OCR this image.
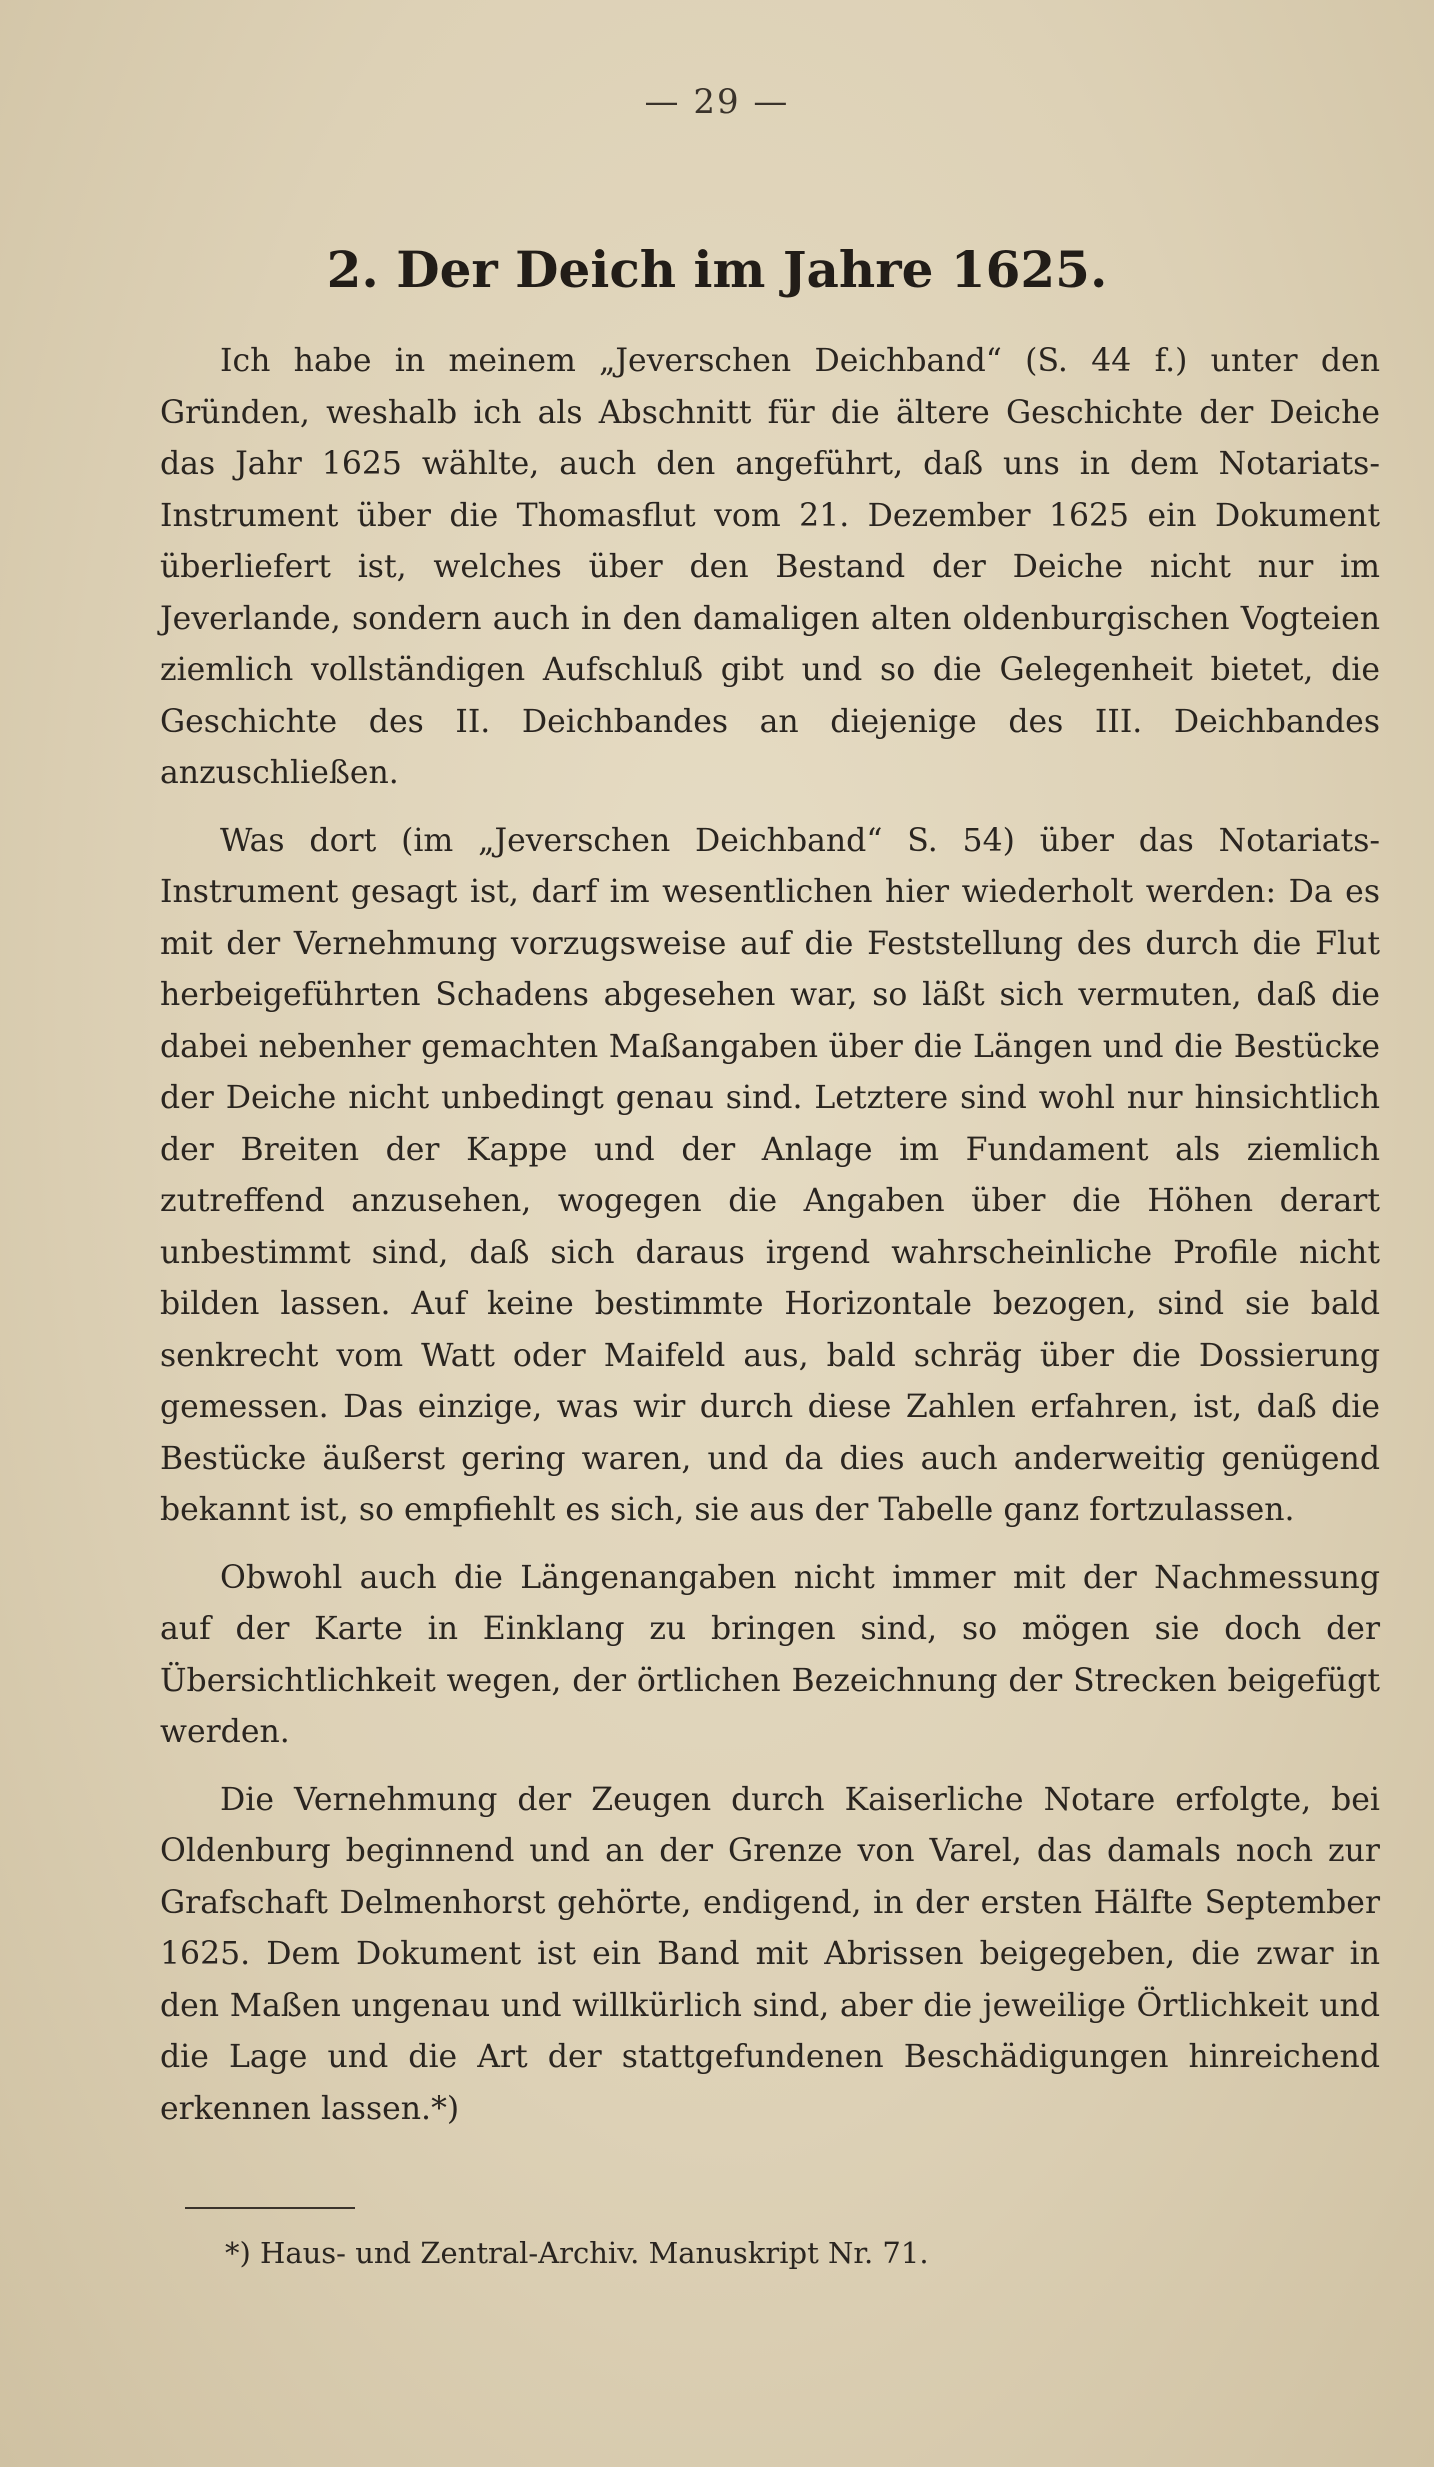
— 29 —
2. Der Deich im Jahre 1625.

Ich habe in meinem „Jeverschen Deichband“ (S. 44 f.) unter den Gründen, weshalb ich als Abschnitt für die ältere Geschichte der Deiche das Jahr 1625 wählte, auch den angeführt, daß uns in dem Notariats-Instrument über die Thomasflut vom 21. Dezember 1625 ein Dokument überliefert ist, welches über den Bestand der Deiche nicht nur im Jeverlande, sondern auch in den damaligen alten oldenburgischen Vogteien ziemlich vollständigen Aufschluß gibt und so die Gelegenheit bietet, die Geschichte des II. Deichbandes an diejenige des III. Deichbandes anzuschließen.

Was dort (im „Jeverschen Deichband“ S. 54) über das Notariats-Instrument gesagt ist, darf im wesentlichen hier wiederholt werden: Da es mit der Vernehmung vorzugsweise auf die Feststellung des durch die Flut herbeigeführten Schadens abgesehen war, so läßt sich vermuten, daß die dabei nebenher gemachten Maßangaben über die Längen und die Bestücke der Deiche nicht unbedingt genau sind. Letztere sind wohl nur hinsichtlich der Breiten der Kappe und der Anlage im Fundament als ziemlich zutreffend anzusehen, wogegen die Angaben über die Höhen derart unbestimmt sind, daß sich daraus irgend wahrscheinliche Profile nicht bilden lassen. Auf keine bestimmte Horizontale bezogen, sind sie bald senkrecht vom Watt oder Maifeld aus, bald schräg über die Dossierung gemessen. Das einzige, was wir durch diese Zahlen erfahren, ist, daß die Bestücke äußerst gering waren, und da dies auch anderweitig genügend bekannt ist, so empfiehlt es sich, sie aus der Tabelle ganz fortzulassen.

Obwohl auch die Längenangaben nicht immer mit der Nachmessung auf der Karte in Einklang zu bringen sind, so mögen sie doch der Übersichtlichkeit wegen, der örtlichen Bezeichnung der Strecken beigefügt werden.

Die Vernehmung der Zeugen durch Kaiserliche Notare erfolgte, bei Oldenburg beginnend und an der Grenze von Varel, das damals noch zur Grafschaft Delmenhorst gehörte, endigend, in der ersten Hälfte September 1625. Dem Dokument ist ein Band mit Abrissen beigegeben, die zwar in den Maßen ungenau und willkürlich sind, aber die jeweilige Örtlichkeit und die Lage und die Art der stattgefundenen Beschädigungen hinreichend erkennen lassen.*)

*) Haus- und Zentral-Archiv. Manuskript Nr. 71.
